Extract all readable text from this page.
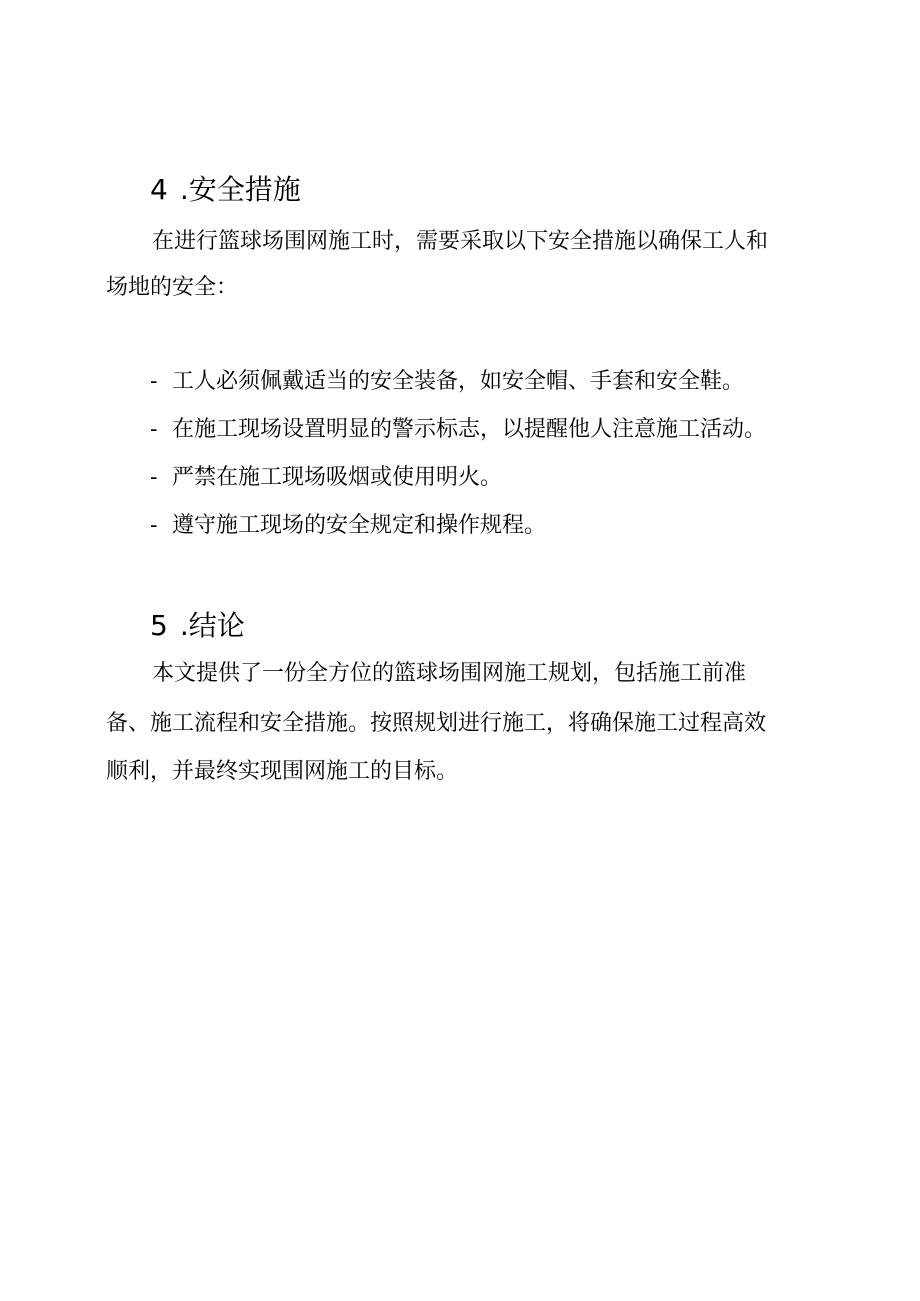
4 .安全措施
在进行篮球场围网施工时，需要采取以下安全措施以确保工人和
场地的安全：
- 工人必须佩戴适当的安全装备，如安全帽、手套和安全鞋。
- 在施工现场设置明显的警示标志，以提醒他人注意施工活动。
- 严禁在施工现场吸烟或使用明火。
- 遵守施工现场的安全规定和操作规程。
5 .结论
本文提供了一份全方位的篮球场围网施工规划，包括施工前准
备、施工流程和安全措施。按照规划进行施工，将确保施工过程高效
顺利，并最终实现围网施工的目标。
